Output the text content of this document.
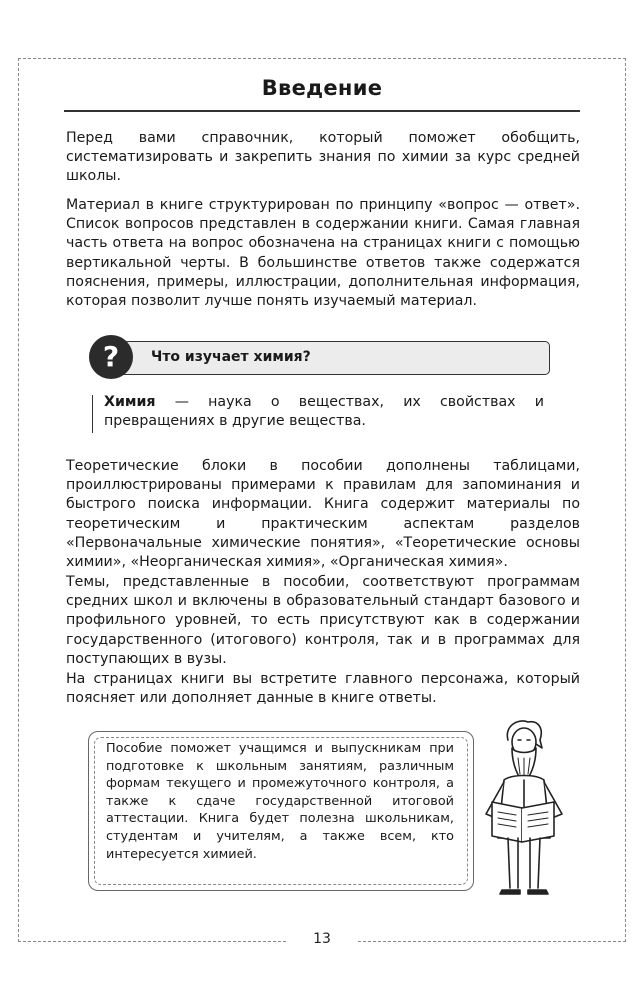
13
Введение

Перед вами справочник, который поможет обобщить, систематизировать и закрепить знания по химии за курс средней школы.

Материал в книге структурирован по принципу «вопрос — ответ». Список вопросов представлен в содержании книги. Самая главная часть ответа на вопрос обозначена на страницах книги с помощью вертикальной черты. В большинстве ответов также содержатся пояснения, примеры, иллюстрации, дополнительная информация, которая позволит лучше понять изучаемый материал.

Что изучает химия?
?

Химия — наука о веществах, их свойствах и превращениях в другие вещества.

Теоретические блоки в пособии дополнены таблицами, проиллюстрированы примерами к правилам для запоминания и быстрого поиска информации. Книга содержит материалы по теоретическим и практическим аспектам разделов «Первоначальные химические понятия», «Теоретические основы химии», «Неорганическая химия», «Органическая химия».

Темы, представленные в пособии, соответствуют программам средних школ и включены в образовательный стандарт базового и профильного уровней, то есть присутствуют как в содержании государственного (итогового) контроля, так и в программах для поступающих в вузы.

На страницах книги вы встретите главного персонажа, который поясняет или дополняет данные в книге ответы.

Пособие поможет учащимся и выпускникам при подготовке к школьным занятиям, различным формам текущего и промежуточного контроля, а также к сдаче государственной итоговой аттестации. Книга будет полезна школьникам, студентам и учителям, а также всем, кто интересуется химией.
